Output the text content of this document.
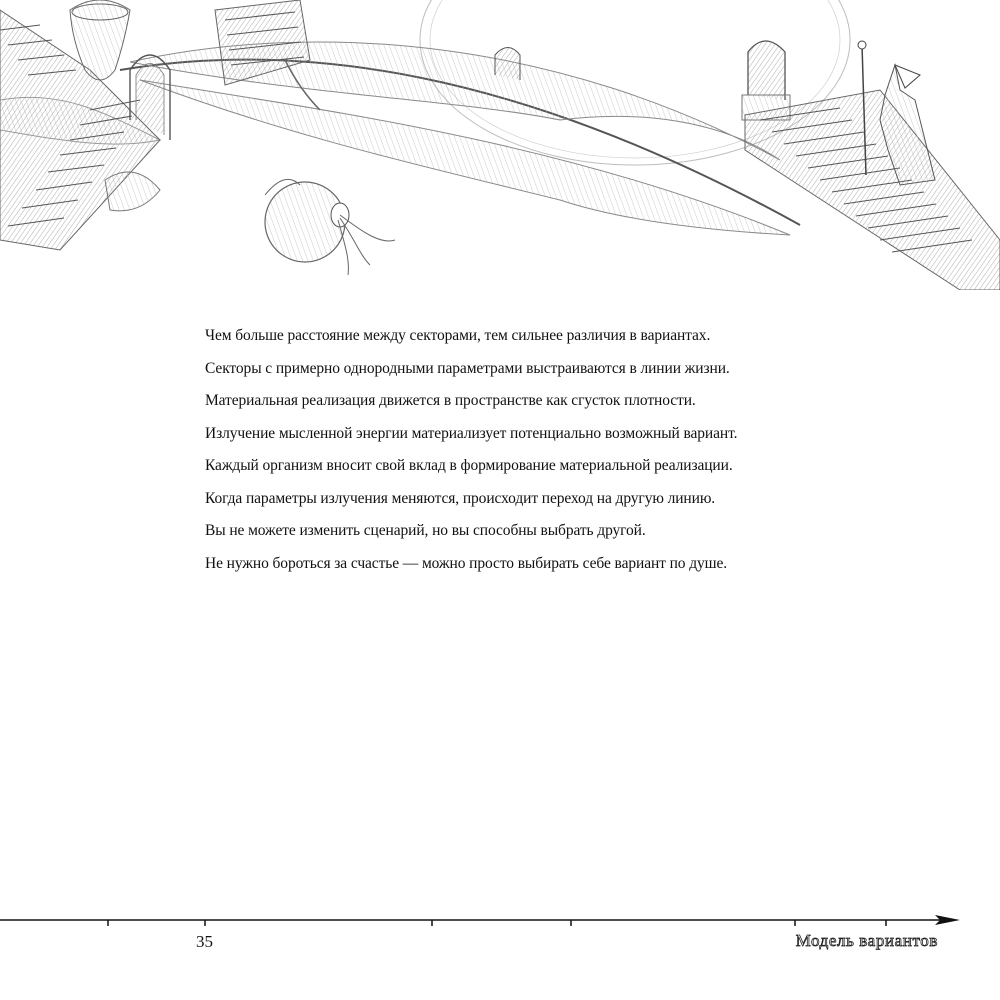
Чем больше расстояние между секторами, тем сильнее различия в вариантах.
Секторы с примерно однородными параметрами выстраиваются в линии жизни.
Материальная реализация движется в пространстве как сгусток плотности.
Излучение мысленной энергии материализует потенциально возможный вариант.
Каждый организм вносит свой вклад в формирование материальной реализации.
Когда параметры излучения меняются, происходит переход на другую линию.
Вы не можете изменить сценарий, но вы способны выбрать другой.
Не нужно бороться за счастье — можно просто выбирать себе вариант по душе.
35	Модель вариантов
